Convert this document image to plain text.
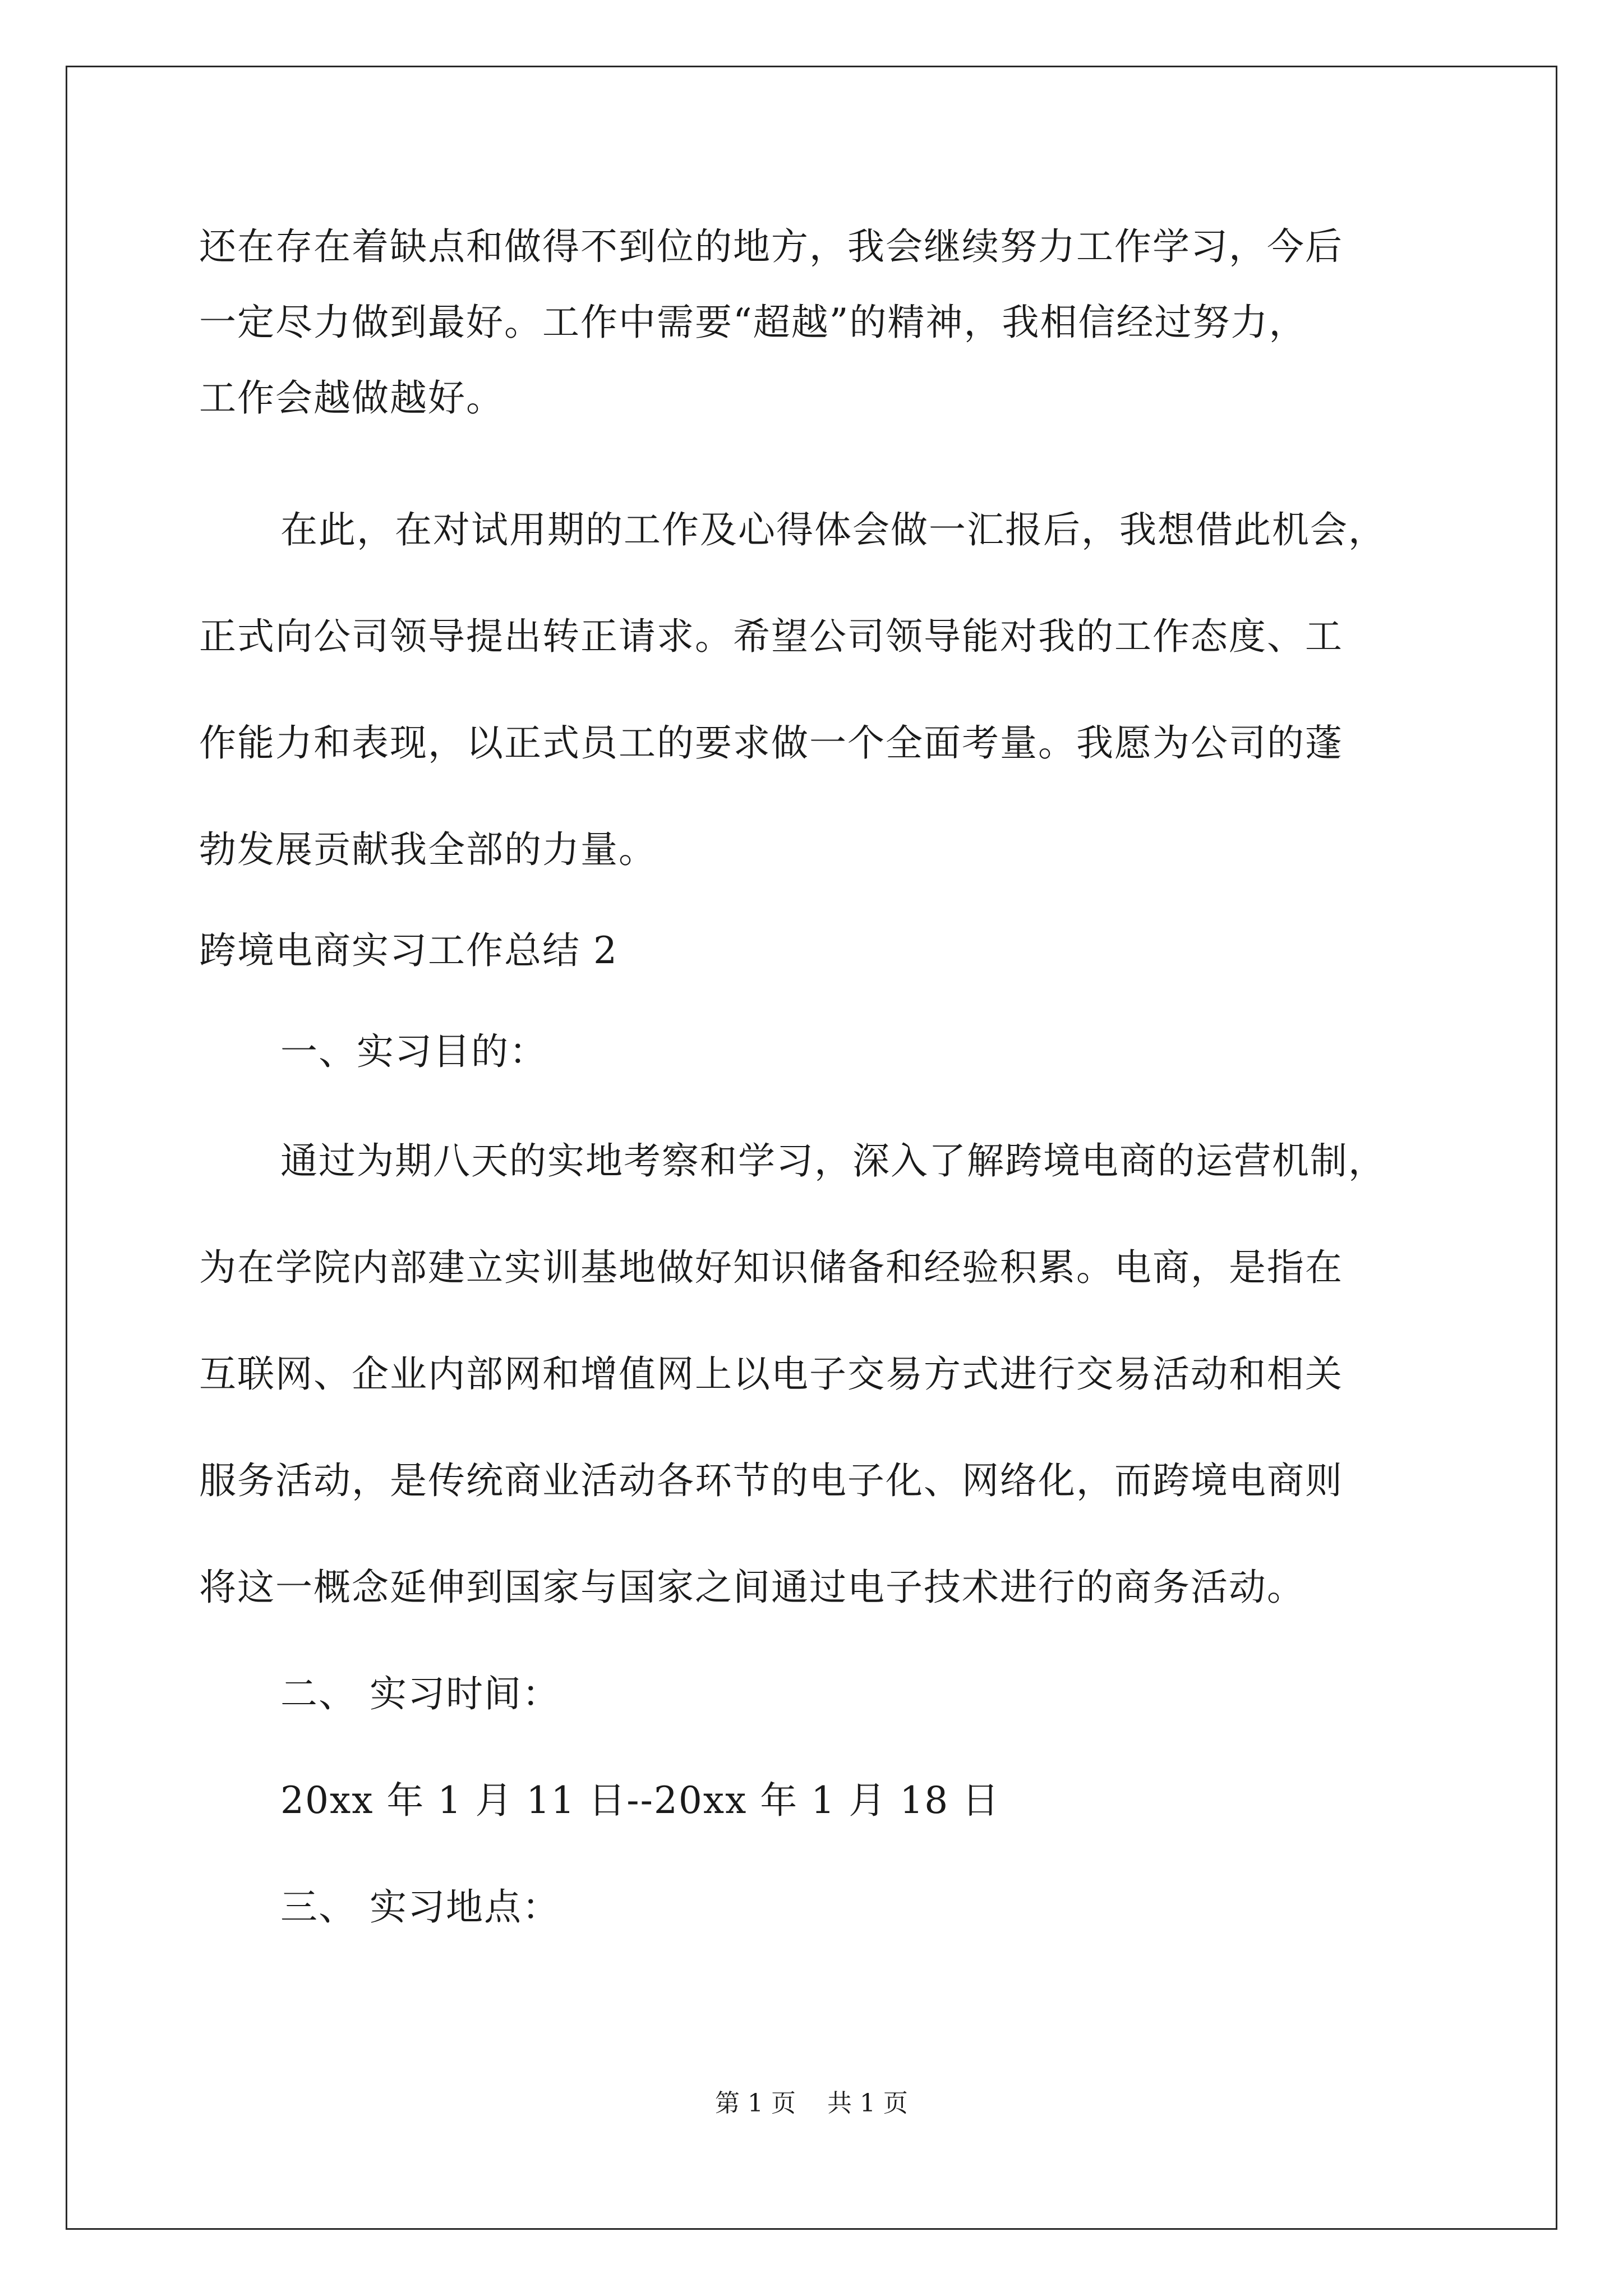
还在存在着缺点和做得不到位的地方，我会继续努力工作学习，今后
一定尽力做到最好。工作中需要“超越”的精神，我相信经过努力，
工作会越做越好。
在此，在对试用期的工作及心得体会做一汇报后，我想借此机会，
正式向公司领导提出转正请求。希望公司领导能对我的工作态度、工
作能力和表现，以正式员工的要求做一个全面考量。我愿为公司的蓬
勃发展贡献我全部的力量。
跨境电商实习工作总结 2
一、实习目的：
通过为期八天的实地考察和学习，深入了解跨境电商的运营机制，
为在学院内部建立实训基地做好知识储备和经验积累。电商，是指在
互联网、企业内部网和增值网上以电子交易方式进行交易活动和相关
服务活动，是传统商业活动各环节的电子化、网络化，而跨境电商则
将这一概念延伸到国家与国家之间通过电子技术进行的商务活动。
二、 实习时间：
20xx 年 1 月 11 日--20xx 年 1 月 18 日
三、 实习地点：
第 1 页    共 1 页
